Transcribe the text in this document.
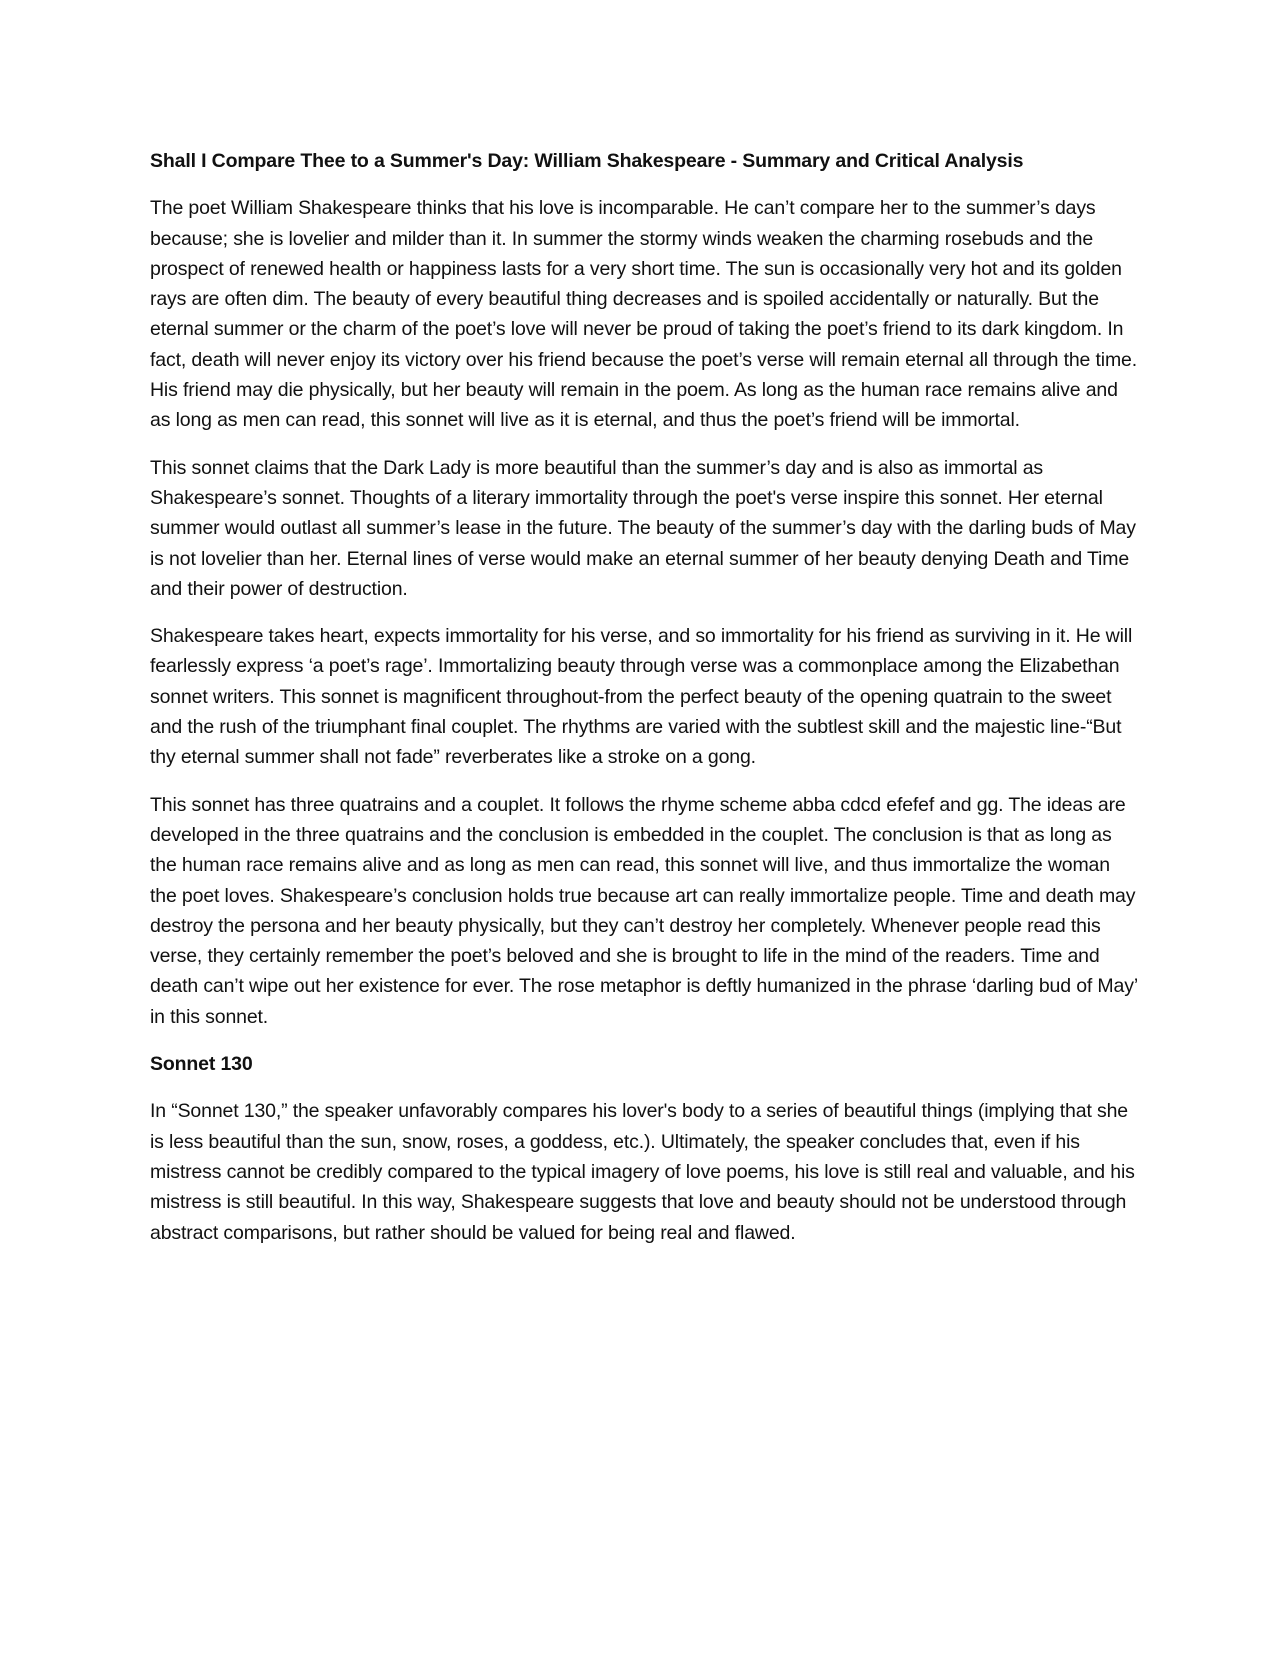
Shall I Compare Thee to a Summer's Day: William Shakespeare - Summary and Critical Analysis

The poet William Shakespeare thinks that his love is incomparable. He can’t compare her to the summer’s days because; she is lovelier and milder than it. In summer the stormy winds weaken the charming rosebuds and the prospect of renewed health or happiness lasts for a very short time. The sun is occasionally very hot and its golden rays are often dim. The beauty of every beautiful thing decreases and is spoiled accidentally or naturally. But the eternal summer or the charm of the poet’s love will never be proud of taking the poet’s friend to its dark kingdom. In fact, death will never enjoy its victory over his friend because the poet’s verse will remain eternal all through the time. His friend may die physically, but her beauty will remain in the poem. As long as the human race remains alive and as long as men can read, this sonnet will live as it is eternal, and thus the poet’s friend will be immortal.

This sonnet claims that the Dark Lady is more beautiful than the summer’s day and is also as immortal as Shakespeare’s sonnet. Thoughts of a literary immortality through the poet's verse inspire this sonnet. Her eternal summer would outlast all summer’s lease in the future. The beauty of the summer’s day with the darling buds of May is not lovelier than her. Eternal lines of verse would make an eternal summer of her beauty denying Death and Time and their power of destruction.

Shakespeare takes heart, expects immortality for his verse, and so immortality for his friend as surviving in it. He will fearlessly express ‘a poet’s rage’. Immortalizing beauty through verse was a commonplace among the Elizabethan sonnet writers. This sonnet is magnificent throughout-from the perfect beauty of the opening quatrain to the sweet and the rush of the triumphant final couplet. The rhythms are varied with the subtlest skill and the majestic line-“But thy eternal summer shall not fade” reverberates like a stroke on a gong.

This sonnet has three quatrains and a couplet. It follows the rhyme scheme abba cdcd efefef and gg. The ideas are developed in the three quatrains and the conclusion is embedded in the couplet. The conclusion is that as long as the human race remains alive and as long as men can read, this sonnet will live, and thus immortalize the woman the poet loves. Shakespeare’s conclusion holds true because art can really immortalize people. Time and death may destroy the persona and her beauty physically, but they can’t destroy her completely. Whenever people read this verse, they certainly remember the poet’s beloved and she is brought to life in the mind of the readers. Time and death can’t wipe out her existence for ever. The rose metaphor is deftly humanized in the phrase ‘darling bud of May’ in this sonnet.

Sonnet 130

In “Sonnet 130,” the speaker unfavorably compares his lover's body to a series of beautiful things (implying that she is less beautiful than the sun, snow, roses, a goddess, etc.). Ultimately, the speaker concludes that, even if his mistress cannot be credibly compared to the typical imagery of love poems, his love is still real and valuable, and his mistress is still beautiful. In this way, Shakespeare suggests that love and beauty should not be understood through abstract comparisons, but rather should be valued for being real and flawed.
